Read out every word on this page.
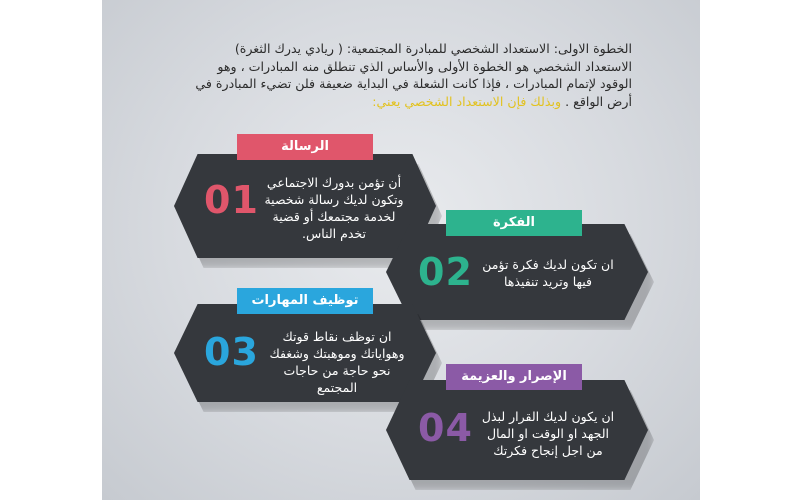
الخطوة الاولى: الاستعداد الشخصي للمبادرة المجتمعية: ( ريادي يدرك الثغرة) الاستعداد الشخصي هو الخطوة الأولى والأساس الذي تنطلق منه المبادرات ، وهو الوقود لإتمام المبادرات ، فإذا كانت الشعلة في البداية ضعيفة فلن تضيء المبادرة في أرض الواقع . وبذلك فإن الاستعداد الشخصي يعني:
01 أن تؤمن بدورك الاجتماعي وتكون لديك رسالة شخصية لخدمة مجتمعك أو قضية تخدم الناس.
الرسالة
02 ان تكون لديك فكرة تؤمن فيها وتريد تنفيذها
الفكرة
03	ان توظف نقاط قوتك وهواياتك وموهبتك وشغفك نحو حاجة من حاجات المجتمع
توظيف المهارات
04 ان يكون لديك القرار لبذل الجهد او الوقت او المال من اجل إنجاح فكرتك
الإصرار والعزيمة
